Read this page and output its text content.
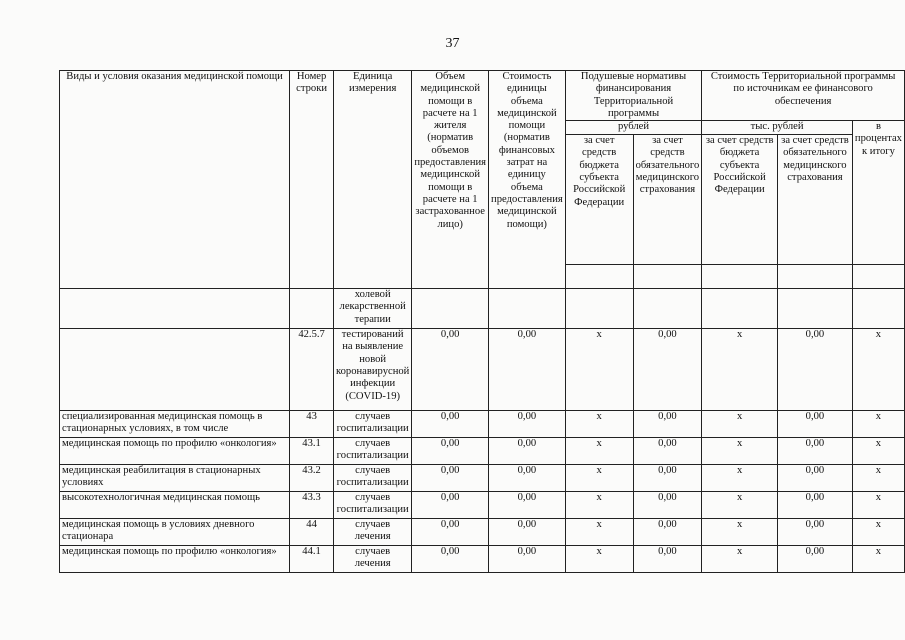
37
Виды и условия оказания медицинской помощи	Номер строки	Единица измерения	Объем медицинской помощи в расчете на 1 жителя (норматив объемов предоставления медицинской помощи в расчете на 1 застрахованное лицо)	Стоимость единицы объема медицинской помощи (норматив финансовых затрат на единицу объема предоставления медицинской помощи)	Подушевые нормативы финансирования Территориальной программы		Стоимость Территориальной программы по источникам ее финансового обеспечения		
					рублей		тыс. рублей		в процентах к итогу
					за счет средств бюджета субъекта Российской Федерации	за счет средств обязательного медицинского страхования	за счет средств бюджета субъекта Российской Федерации	за счет средств обязательного медицинского страхования	

		холевой лекарственной терапии							
	42.5.7	тестирований на выявление новой коронавирусной инфекции (COVID-19)	0,00	0,00	х	0,00	х	0,00	х
специализированная медицинская помощь в стационарных условиях, в том числе	43	случаев госпитализации	0,00	0,00	х	0,00	х	0,00	х
медицинская помощь по профилю «онкология»	43.1	случаев госпитализации	0,00	0,00	х	0,00	х	0,00	х
медицинская реабилитация в стационарных условиях	43.2	случаев госпитализации	0,00	0,00	х	0,00	х	0,00	х
высокотехнологичная медицинская помощь	43.3	случаев госпитализации	0,00	0,00	х	0,00	х	0,00	х
медицинская помощь в условиях дневного стационара	44	случаев лечения	0,00	0,00	х	0,00	х	0,00	х
медицинская помощь по профилю «онкология»	44.1	случаев лечения	0,00	0,00	х	0,00	х	0,00	х
